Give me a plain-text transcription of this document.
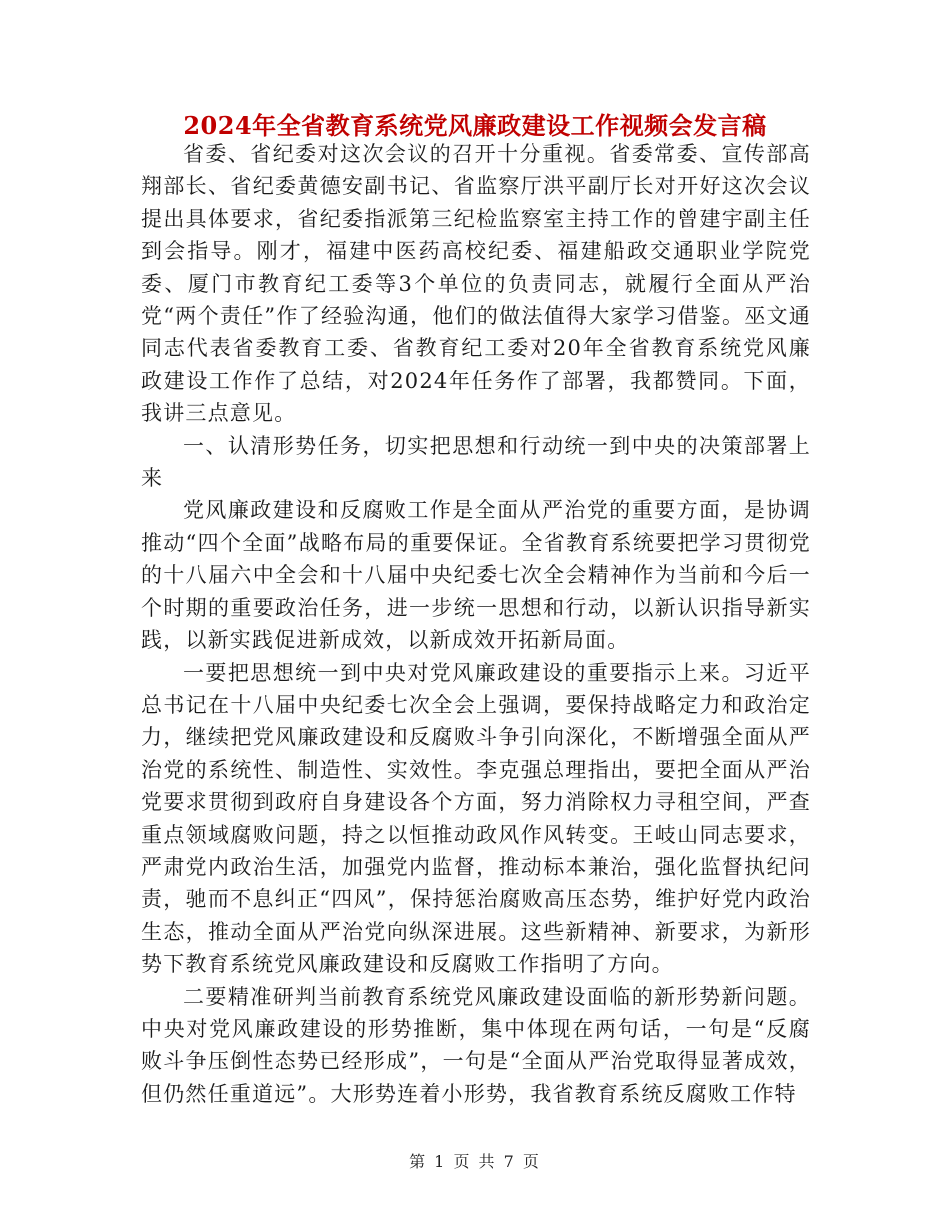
2024年全省教育系统党风廉政建设工作视频会发言稿

省委、省纪委对这次会议的召开十分重视。省委常委、宣传部高翔部长、省纪委黄德安副书记、省监察厅洪平副厅长对开好这次会议提出具体要求，省纪委指派第三纪检监察室主持工作的曾建宇副主任到会指导。刚才，福建中医药高校纪委、福建船政交通职业学院党委、厦门市教育纪工委等3个单位的负责同志，就履行全面从严治党“两个责任”作了经验沟通，他们的做法值得大家学习借鉴。巫文通同志代表省委教育工委、省教育纪工委对20年全省教育系统党风廉政建设工作作了总结，对2024年任务作了部署，我都赞同。下面，我讲三点意见。

一、认清形势任务，切实把思想和行动统一到中央的决策部署上来

党风廉政建设和反腐败工作是全面从严治党的重要方面，是协调推动“四个全面”战略布局的重要保证。全省教育系统要把学习贯彻党的十八届六中全会和十八届中央纪委七次全会精神作为当前和今后一个时期的重要政治任务，进一步统一思想和行动，以新认识指导新实践，以新实践促进新成效，以新成效开拓新局面。

一要把思想统一到中央对党风廉政建设的重要指示上来。习近平总书记在十八届中央纪委七次全会上强调，要保持战略定力和政治定力，继续把党风廉政建设和反腐败斗争引向深化，不断增强全面从严治党的系统性、制造性、实效性。李克强总理指出，要把全面从严治党要求贯彻到政府自身建设各个方面，努力消除权力寻租空间，严查重点领域腐败问题，持之以恒推动政风作风转变。王岐山同志要求，严肃党内政治生活，加强党内监督，推动标本兼治，强化监督执纪问责，驰而不息纠正“四风”，保持惩治腐败高压态势，维护好党内政治生态，推动全面从严治党向纵深进展。这些新精神、新要求，为新形势下教育系统党风廉政建设和反腐败工作指明了方向。

二要精准研判当前教育系统党风廉政建设面临的新形势新问题。中央对党风廉政建设的形势推断，集中体现在两句话，一句是“反腐败斗争压倒性态势已经形成”，一句是“全面从严治党取得显著成效，但仍然任重道远”。大形势连着小形势，我省教育系统反腐败工作特

第 1 页 共 7 页
